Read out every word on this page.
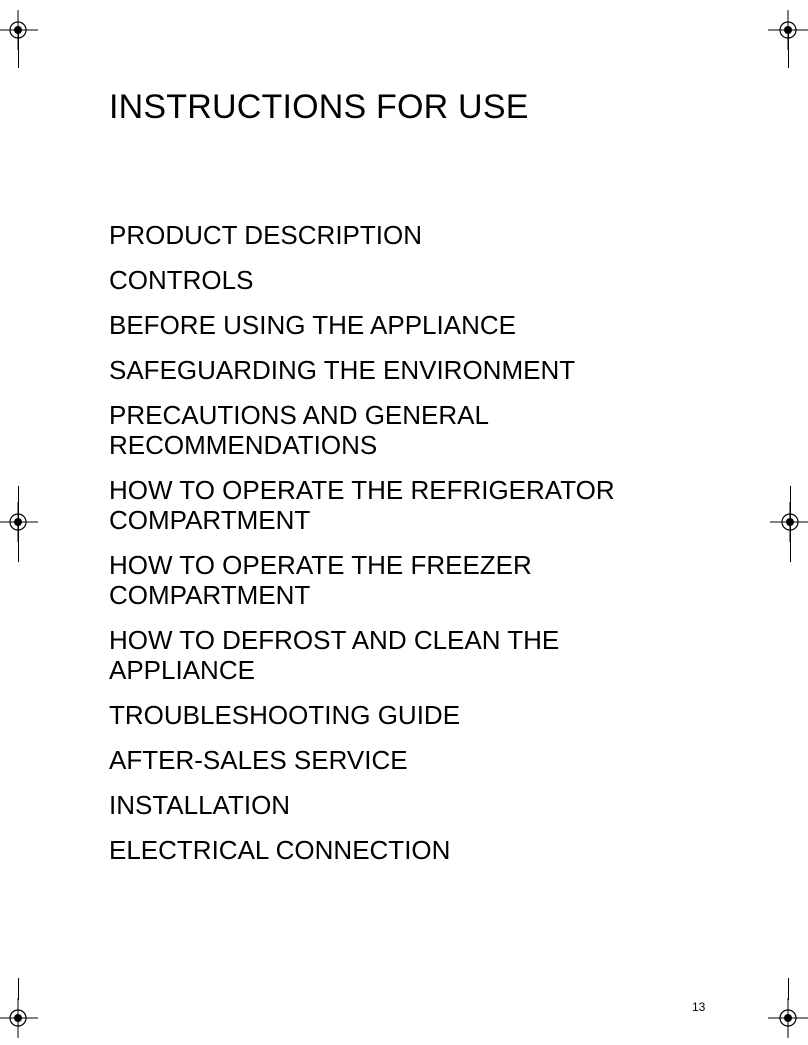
INSTRUCTIONS FOR USE
PRODUCT DESCRIPTION
CONTROLS
BEFORE USING THE APPLIANCE
SAFEGUARDING THE ENVIRONMENT
PRECAUTIONS AND GENERAL
RECOMMENDATIONS
HOW TO OPERATE THE REFRIGERATOR
COMPARTMENT
HOW TO OPERATE THE FREEZER
COMPARTMENT
HOW TO DEFROST AND CLEAN THE
APPLIANCE
TROUBLESHOOTING GUIDE
AFTER-SALES SERVICE
INSTALLATION
ELECTRICAL CONNECTION
13
